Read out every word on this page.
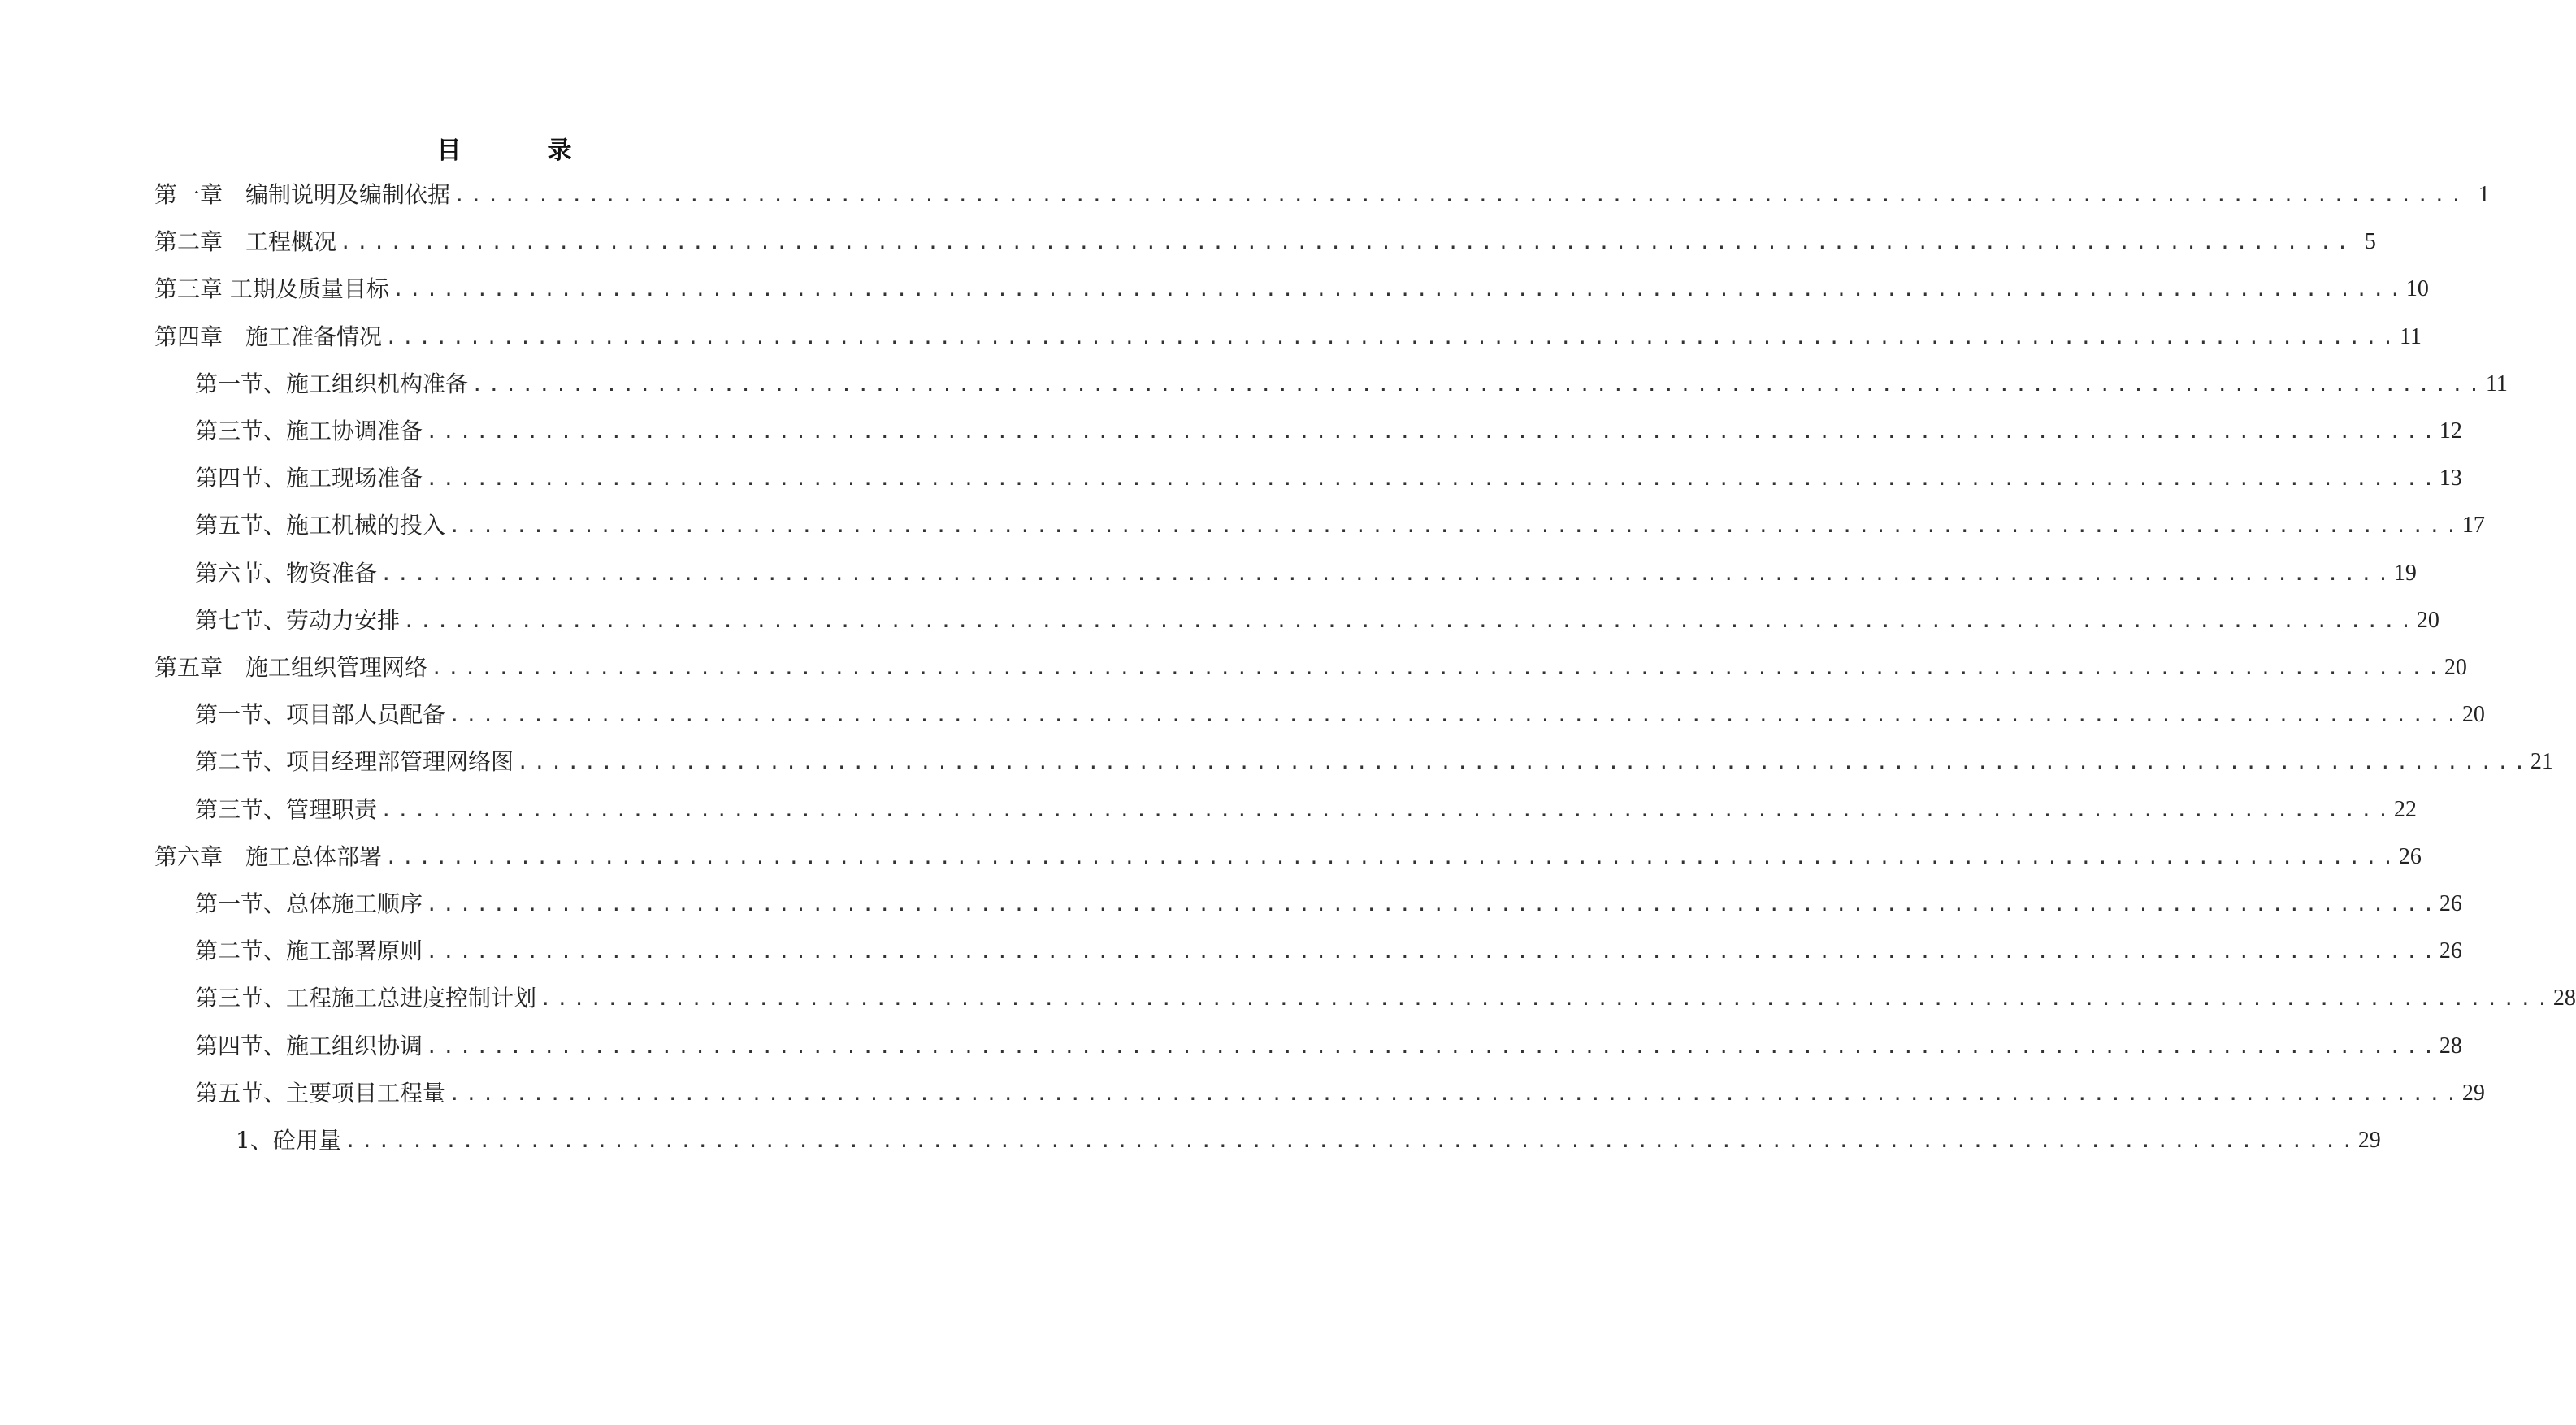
目　录
第一章　编制说明及编制依据 ........................................................................................................................ 1
第二章　工程概况 ........................................................................................................................ 5
第三章 工期及质量目标 ........................................................................................................................ 10
第四章　施工准备情况 ........................................................................................................................ 11
第一节、施工组织机构准备 ........................................................................................................................ 11
第三节、施工协调准备 ........................................................................................................................ 12
第四节、施工现场准备 ........................................................................................................................ 13
第五节、施工机械的投入 ........................................................................................................................ 17
第六节、物资准备 ........................................................................................................................ 19
第七节、劳动力安排 ........................................................................................................................ 20
第五章　施工组织管理网络 ........................................................................................................................ 20
第一节、项目部人员配备 ........................................................................................................................ 20
第二节、项目经理部管理网络图 ........................................................................................................................ 21
第三节、管理职责 ........................................................................................................................ 22
第六章　施工总体部署 ........................................................................................................................ 26
第一节、总体施工顺序 ........................................................................................................................ 26
第二节、施工部署原则 ........................................................................................................................ 26
第三节、工程施工总进度控制计划 ........................................................................................................................ 28
第四节、施工组织协调 ........................................................................................................................ 28
第五节、主要项目工程量 ........................................................................................................................ 29
1、砼用量 ........................................................................................................................ 29
